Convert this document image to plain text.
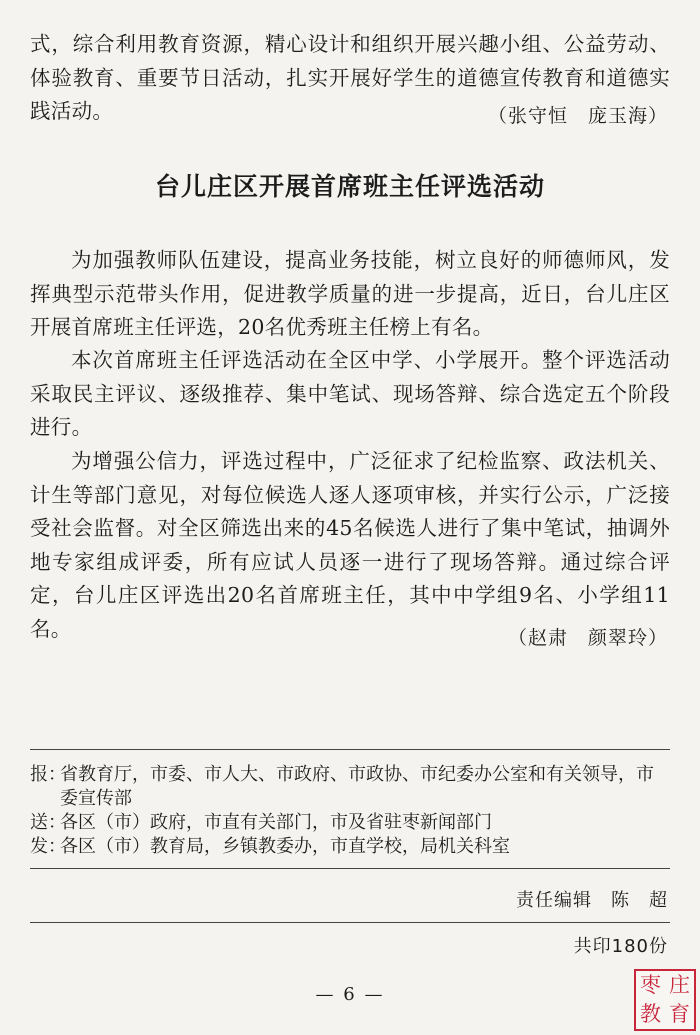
式，综合利用教育资源，精心设计和组织开展兴趣小组、公益劳动、体验教育、重要节日活动，扎实开展好学生的道德宣传教育和道德实践活动。	（张守恒　庞玉海）
台儿庄区开展首席班主任评选活动
为加强教师队伍建设，提高业务技能，树立良好的师德师风，发挥典型示范带头作用，促进教学质量的进一步提高，近日，台儿庄区开展首席班主任评选，20名优秀班主任榜上有名。
本次首席班主任评选活动在全区中学、小学展开。整个评选活动采取民主评议、逐级推荐、集中笔试、现场答辩、综合选定五个阶段进行。
为增强公信力，评选过程中，广泛征求了纪检监察、政法机关、计生等部门意见，对每位候选人逐人逐项审核，并实行公示，广泛接受社会监督。对全区筛选出来的45名候选人进行了集中笔试，抽调外地专家组成评委，所有应试人员逐一进行了现场答辩。通过综合评定，台儿庄区评选出20名首席班主任，其中中学组9名、小学组11名。	（赵肃　颜翠玲）
报：
省教育厅，市委、市人大、市政府、市政协、市纪委办公室和有关领导，市委宣传部
送：
各区（市）政府，市直有关部门，市及省驻枣新闻部门
发：
各区（市）教育局，乡镇教委办，市直学校，局机关科室
责任编辑　陈　超
共印180份
— 6 —	枣 庄
教 育
